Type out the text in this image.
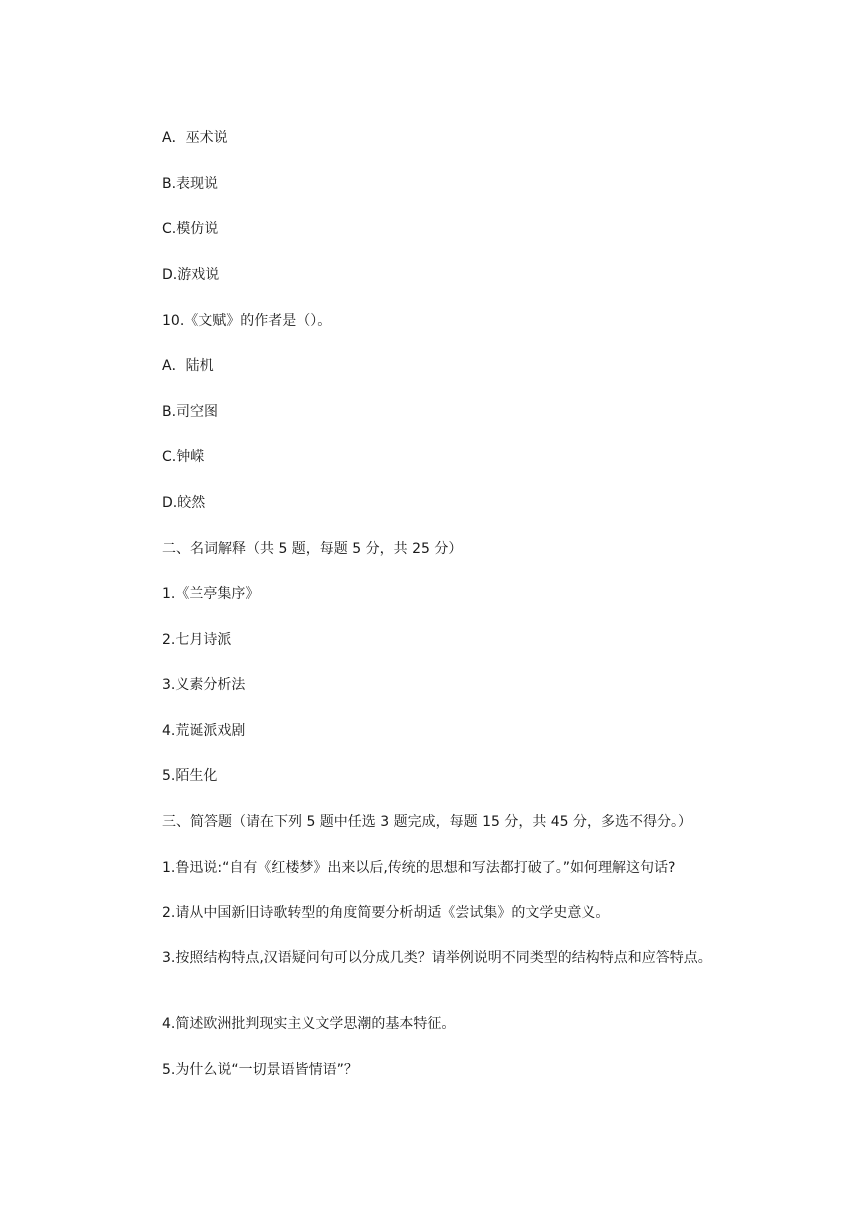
A．巫术说
B.表现说
C.模仿说
D.游戏说
10.《文赋》的作者是（）。
A．陆机
B.司空图
C.钟嵘
D.皎然
二、名词解释（共 5 题，每题 5 分，共 25 分）
1.《兰亭集序》
2.七月诗派
3.义素分析法
4.荒诞派戏剧
5.陌生化
三、简答题（请在下列 5 题中任选 3 题完成，每题 15 分，共 45 分，多选不得分。）
1.鲁迅说:“自有《红楼梦》出来以后,传统的思想和写法都打破了。”如何理解这句话?
2.请从中国新旧诗歌转型的角度简要分析胡适《尝试集》的文学史意义。
3.按照结构特点,汉语疑问句可以分成几类？请举例说明不同类型的结构特点和应答特点。
4.简述欧洲批判现实主义文学思潮的基本特征。
5.为什么说“一切景语皆情语”？
